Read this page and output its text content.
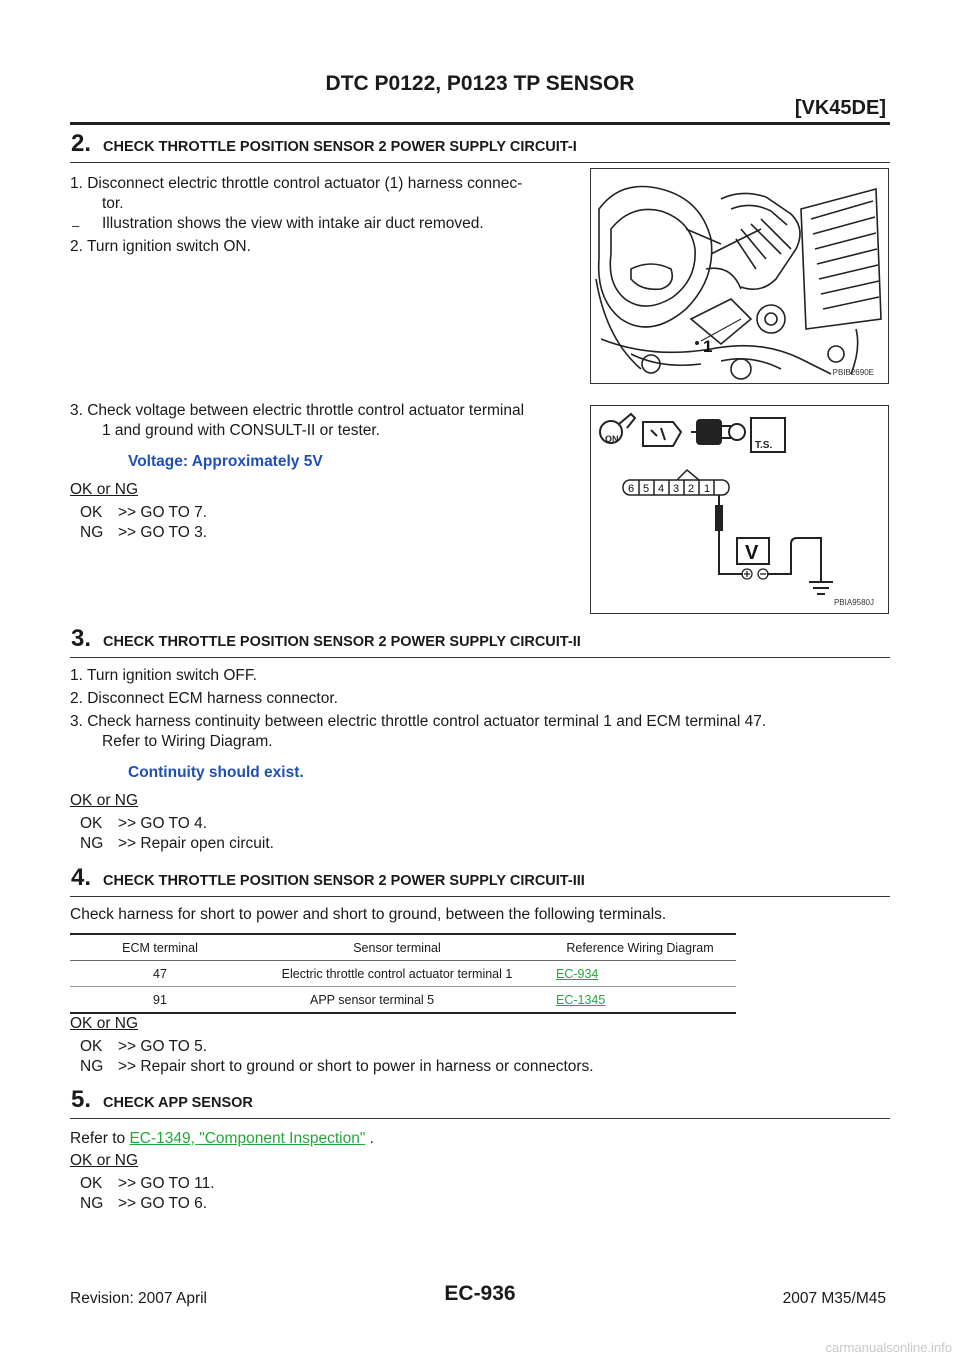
DTC P0122, P0123 TP SENSOR
[VK45DE]
2. CHECK THROTTLE POSITION SENSOR 2 POWER SUPPLY CIRCUIT-I
1. Disconnect electric throttle control actuator (1) harness connec-
tor.
– Illustration shows the view with intake air duct removed.
2. Turn ignition switch ON.
1
PBIB2690E
3. Check voltage between electric throttle control actuator terminal
1 and ground with CONSULT-II or tester.
Voltage: Approximately 5V
OK or NG
OK >> GO TO 7.
NG >> GO TO 3.
ON
T.S.
6 5 4 3 2 1
V
PBIA9580J
3. CHECK THROTTLE POSITION SENSOR 2 POWER SUPPLY CIRCUIT-II
1. Turn ignition switch OFF.
2. Disconnect ECM harness connector.
3. Check harness continuity between electric throttle control actuator terminal 1 and ECM terminal 47.
Refer to Wiring Diagram.
Continuity should exist.
OK or NG
OK >> GO TO 4.
NG >> Repair open circuit.
4. CHECK THROTTLE POSITION SENSOR 2 POWER SUPPLY CIRCUIT-III
Check harness for short to power and short to ground, between the following terminals.
ECM terminal	Sensor terminal	Reference Wiring Diagram
47	Electric throttle control actuator terminal 1	EC-934
91	APP sensor terminal 5	EC-1345
OK or NG
OK >> GO TO 5.
NG >> Repair short to ground or short to power in harness or connectors.
5. CHECK APP SENSOR
Refer to EC-1349, "Component Inspection" .
OK or NG
OK >> GO TO 11.
NG >> GO TO 6.
Revision: 2007 April	EC-936	2007 M35/M45
carmanualsonline.info
